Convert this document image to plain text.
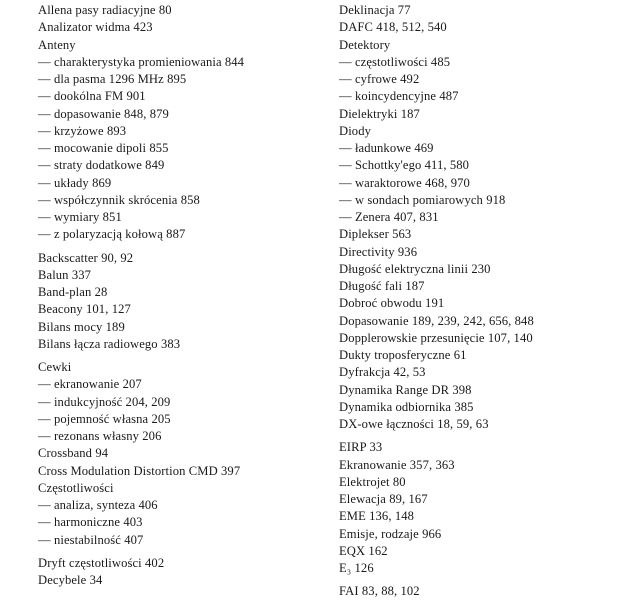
Allena pasy radiacyjne 80
Analizator widma 423
Anteny
— charakterystyka promieniowania 844
— dla pasma 1296 MHz 895
— dookólna FM 901
— dopasowanie 848, 879
— krzyżowe 893
— mocowanie dipoli 855
— straty dodatkowe 849
— układy 869
— współczynnik skrócenia 858
— wymiary 851
— z polaryzacją kołową 887
Backscatter 90, 92
Balun 337
Band-plan 28
Beacony 101, 127
Bilans mocy 189
Bilans łącza radiowego 383
Cewki
— ekranowanie 207
— indukcyjność 204, 209
— pojemność własna 205
— rezonans własny 206
Crossband 94
Cross Modulation Distortion CMD 397
Częstotliwości
— analiza, synteza 406
— harmoniczne 403
— niestabilność 407
Dryft częstotliwości 402
Decybele 34
Deklinacja 77
DAFC 418, 512, 540
Detektory
— częstotliwości 485
— cyfrowe 492
— koincydencyjne 487
Dielektryki 187
Diody
— ładunkowe 469
— Schottky'ego 411, 580
— waraktorowe 468, 970
— w sondach pomiarowych 918
— Zenera 407, 831
Diplekser 563
Directivity 936
Długość elektryczna linii 230
Długość fali 187
Dobroć obwodu 191
Dopasowanie 189, 239, 242, 656, 848
Dopplerowskie przesunięcie 107, 140
Dukty troposferyczne 61
Dyfrakcja 42, 53
Dynamika Range DR 398
Dynamika odbiornika 385
DX-owe łączności 18, 59, 63
EIRP 33
Ekranowanie 357, 363
Elektrojet 80
Elewacja 89, 167
EME 136, 148
Emisje, rodzaje 966
EQX 162
E₃ 126
FAI 83, 88, 102
